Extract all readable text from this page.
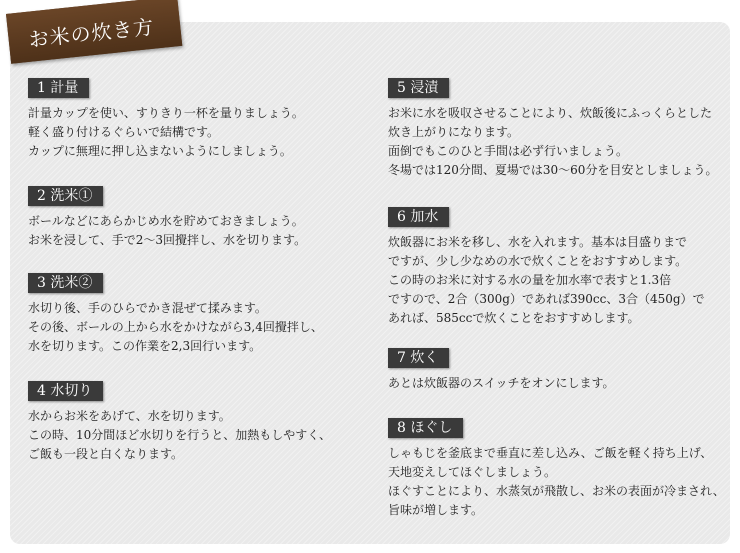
お米の炊き方
1 計量
計量カップを使い、すりきり一杯を量りましょう。
軽く盛り付けるぐらいで結構です。
カップに無理に押し込まないようにしましょう。
2 洗米①
ボールなどにあらかじめ水を貯めておきましょう。
お米を浸して、手で2～3回攪拌し、水を切ります。
3 洗米②
水切り後、手のひらでかき混ぜて揉みます。
その後、ボールの上から水をかけながら3,4回攪拌し、
水を切ります。この作業を2,3回行います。
4 水切り
水からお米をあげて、水を切ります。
この時、10分間ほど水切りを行うと、加熱もしやすく、
ご飯も一段と白くなります。
5 浸漬
お米に水を吸収させることにより、炊飯後にふっくらとした
炊き上がりになります。
面倒でもこのひと手間は必ず行いましょう。
冬場では120分間、夏場では30～60分を目安としましょう。
6 加水
炊飯器にお米を移し、水を入れます。基本は目盛りまで
ですが、少し少なめの水で炊くことをおすすめします。
この時のお米に対する水の量を加水率で表すと1.3倍
ですので、2合（300g）であれば390cc、3合（450g）で
あれば、585ccで炊くことをおすすめします。
7 炊く
あとは炊飯器のスイッチをオンにします。
8 ほぐし
しゃもじを釜底まで垂直に差し込み、ご飯を軽く持ち上げ、
天地変えしてほぐしましょう。
ほぐすことにより、水蒸気が飛散し、お米の表面が冷まされ、
旨味が増します。
